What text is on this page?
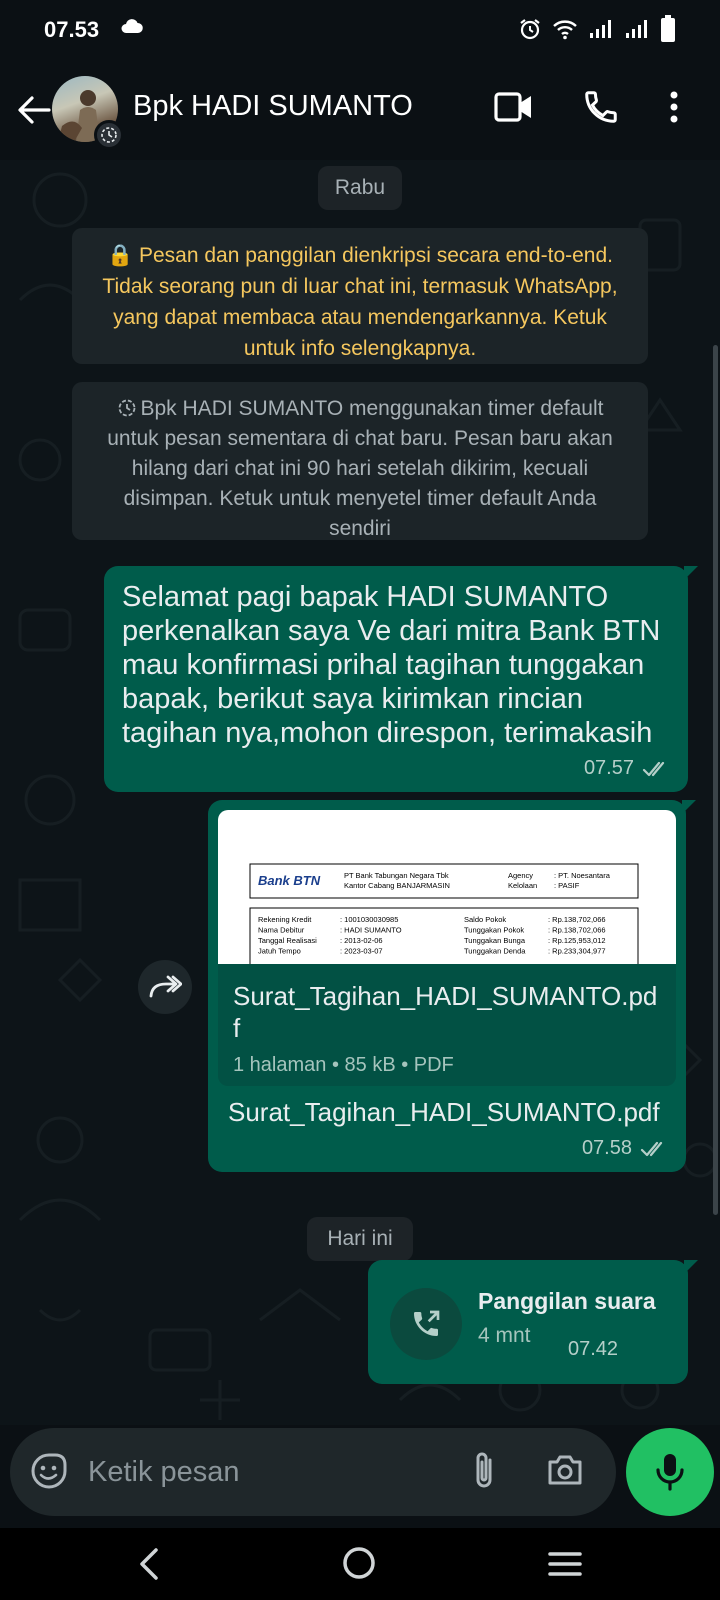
07.53
Bpk HADI SUMANTO
Rabu
🔒 Pesan dan panggilan dienkripsi secara end-to-end. Tidak seorang pun di luar chat ini, termasuk WhatsApp, yang dapat membaca atau mendengarkannya. Ketuk untuk info selengkapnya.
Bpk HADI SUMANTO menggunakan timer default untuk pesan sementara di chat baru. Pesan baru akan hilang dari chat ini 90 hari setelah dikirim, kecuali disimpan. Ketuk untuk menyetel timer default Anda sendiri
Selamat pagi bapak HADI SUMANTO perkenalkan saya Ve dari mitra Bank BTN mau konfirmasi prihal tagihan tunggakan bapak, berikut saya kirimkan rincian tagihan nya,mohon direspon, terimakasih
07.57
Bank BTN	PT Bank Tabungan Negara Tbk
Kantor Cabang BANJARMASIN
Agency	: PT. Noesantara
Kelolaan : PASIF
Rekening Kredit	: 1001030030985	Saldo Pokok	: Rp.138,702,066
Nama Debitur	: HADI SUMANTO	Tunggakan Pokok	: Rp.138,702,066
Tanggal Realisasi	: 2013-02-06	Tunggakan Bunga	: Rp.125,953,012
Jatuh Tempo	: 2023-03-07	Tunggakan Denda	: Rp.233,304,977
Surat_Tagihan_HADI_SUMANTO.pdf
1 halaman • 85 kB • PDF
Surat_Tagihan_HADI_SUMANTO.pdf
07.58
Hari ini
Panggilan suara
4 mnt
07.42
Ketik pesan
